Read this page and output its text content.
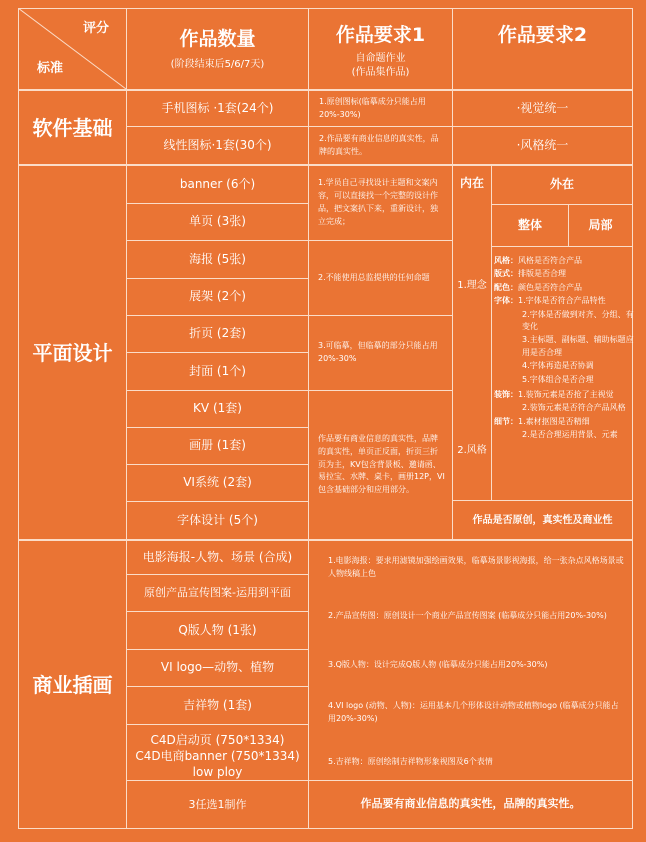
评分
标准
作品数量
(阶段结束后5/6/7天)
作品要求1
自命题作业
(作品集作品)
作品要求2
软件基础
手机图标 ·1套(24个)
线性图标·1套(30个)
1.原创图标(临摹成分只能占用20%-30%)
2.作品要有商业信息的真实性，品牌的真实性。
·视觉统一
·风格统一
平面设计
banner (6个)
单页 (3张)
海报 (5张)
展架 (2个)
折页 (2套)
封面 (1个)
KV (1套)
画册 (1套)
VI系统 (2套)
字体设计 (5个)
1.学员自己寻找设计主题和文案内容，可以直接找一个完整的设计作品，把文案扒下来，重新设计，独立完成；
2.不能使用总监提供的任何命题
3.可临摹，但临摹的部分只能占用20%-30%
作品要有商业信息的真实性，品牌的真实性，单页正反面，折页三折页为主，KV包含背景板、邀请函、易拉宝、水牌、桌卡，画册12P，VI包含基础部分和应用部分。
内在	外在
整体	局部
1.理念
2.风格
风格：风格是否符合产品
版式：排版是否合理
配色：颜色是否符合产品
字体：1.字体是否符合产品特性
2.字体是否做到对齐、分组、有变化
3.主标题、副标题、辅助标题应用是否合理
4.字体再造是否协调
5.字体组合是否合理
装饰：1.装饰元素是否抢了主视觉
2.装饰元素是否符合产品风格
细节：1.素材抠图是否精细
2.是否合理运用背景、元素
作品是否原创，真实性及商业性
商业插画
电影海报-人物、场景 (合成)
原创产品宣传图案-运用到平面
Q版人物 (1张)
VI logo—动物、植物
吉祥物 (1套)
C4D启动页 (750*1334)
C4D电商banner (750*1334)
low ploy
3任选1制作
1.电影海报：要求用滤镜加强绘画效果，临摹场景影视海报，给一张杂点风格场景或人物线稿上色
2.产品宣传图：原创设计一个商业产品宣传图案 (临摹成分只能占用20%-30%)
3.Q版人物：设计完成Q版人物 (临摹成分只能占用20%-30%)
4.VI logo (动物、人物)：运用基本几个形体设计动物或植物logo (临摹成分只能占用20%-30%)
5.吉祥物：原创绘制吉祥物形象视图及6个表情
作品要有商业信息的真实性，品牌的真实性。
